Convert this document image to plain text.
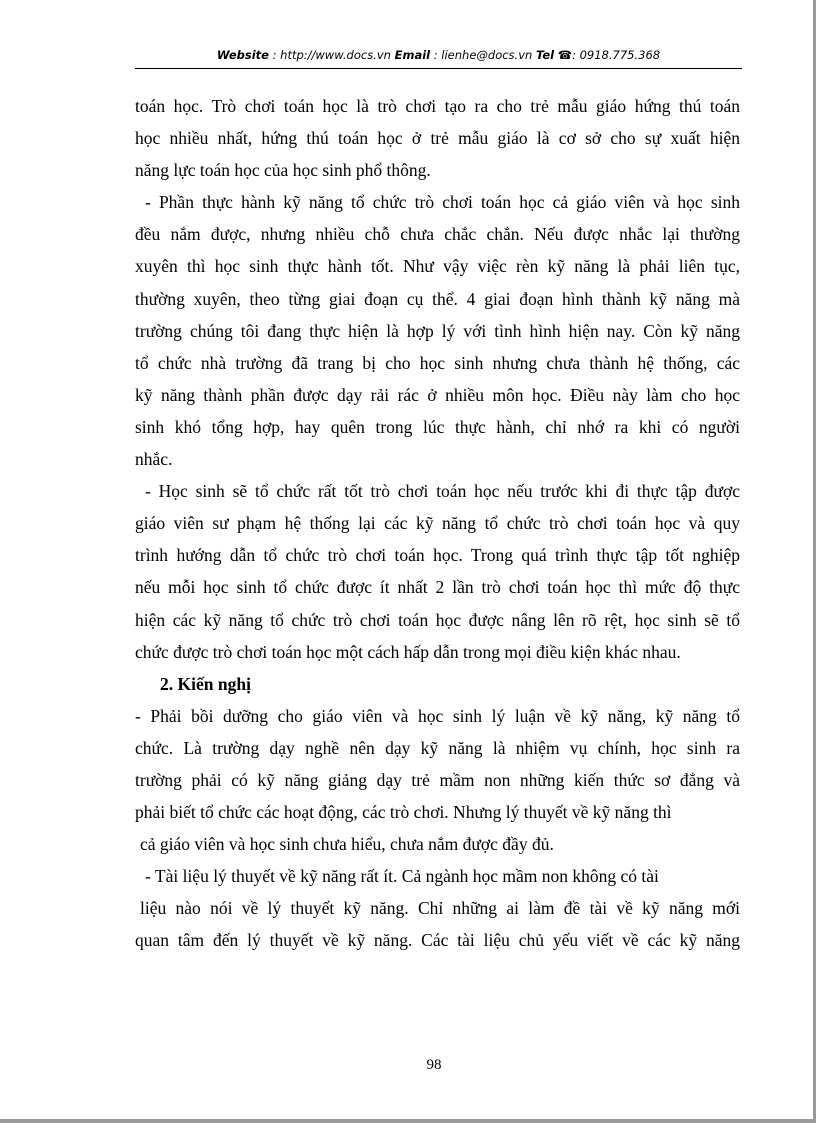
Website : http://www.docs.vn Email : lienhe@docs.vn Tel ☎: 0918.775.368
toán học. Trò chơi toán học là trò chơi tạo ra cho trẻ mẫu giáo hứng thú toán
học nhiều nhất, hứng thú toán học ở trẻ mẫu giáo là cơ sở cho sự xuất hiện
năng lực toán học của học sinh phổ thông.
- Phần thực hành kỹ năng tổ chức trò chơi toán học cả giáo viên và học sinh
đều nắm được, nhưng nhiều chỗ chưa chắc chắn. Nếu được nhắc lại thường
xuyên thì học sinh thực hành tốt. Như vậy việc rèn kỹ năng là phải liên tục,
thường xuyên, theo từng giai đoạn cụ thể. 4 giai đoạn hình thành kỹ năng mà
trường chúng tôi đang thực hiện là hợp lý với tình hình hiện nay. Còn kỹ năng
tổ chức nhà trường đã trang bị cho học sinh nhưng chưa thành hệ thống, các
kỹ năng thành phần được dạy rải rác ở nhiều môn học. Điều này làm cho học
sinh khó tổng hợp, hay quên trong lúc thực hành, chỉ nhớ ra khi có người
nhắc.
- Học sinh sẽ tổ chức rất tốt trò chơi toán học nếu trước khi đi thực tập được
giáo viên sư phạm hệ thống lại các kỹ năng tổ chức trò chơi toán học và quy
trình hướng dẫn tổ chức trò chơi toán học. Trong quá trình thực tập tốt nghiệp
nếu mỗi học sinh tổ chức được ít nhất 2 lần trò chơi toán học thì mức độ thực
hiện các kỹ năng tổ chức trò chơi toán học được nâng lên rõ rệt, học sinh sẽ tổ
chức được trò chơi toán học một cách hấp dẫn trong mọi điều kiện khác nhau.
2. Kiến nghị
- Phải bồi dưỡng cho giáo viên và học sinh lý luận về kỹ năng, kỹ năng tổ
chức. Là trường dạy nghề nên dạy kỹ năng là nhiệm vụ chính, học sinh ra
trường phải có kỹ năng giảng dạy trẻ mầm non những kiến thức sơ đẳng và
phải biết tổ chức các hoạt động, các trò chơi. Nhưng lý thuyết về kỹ năng thì
cả giáo viên và học sinh chưa hiểu, chưa nắm được đầy đủ.
- Tài liệu lý thuyết về kỹ năng rất ít. Cả ngành học mầm non không có tài
liệu nào nói về lý thuyết kỹ năng. Chỉ những ai làm đề tài về kỹ năng mới
quan tâm đến lý thuyết về kỹ năng. Các tài liệu chủ yếu viết về các kỹ năng
98
